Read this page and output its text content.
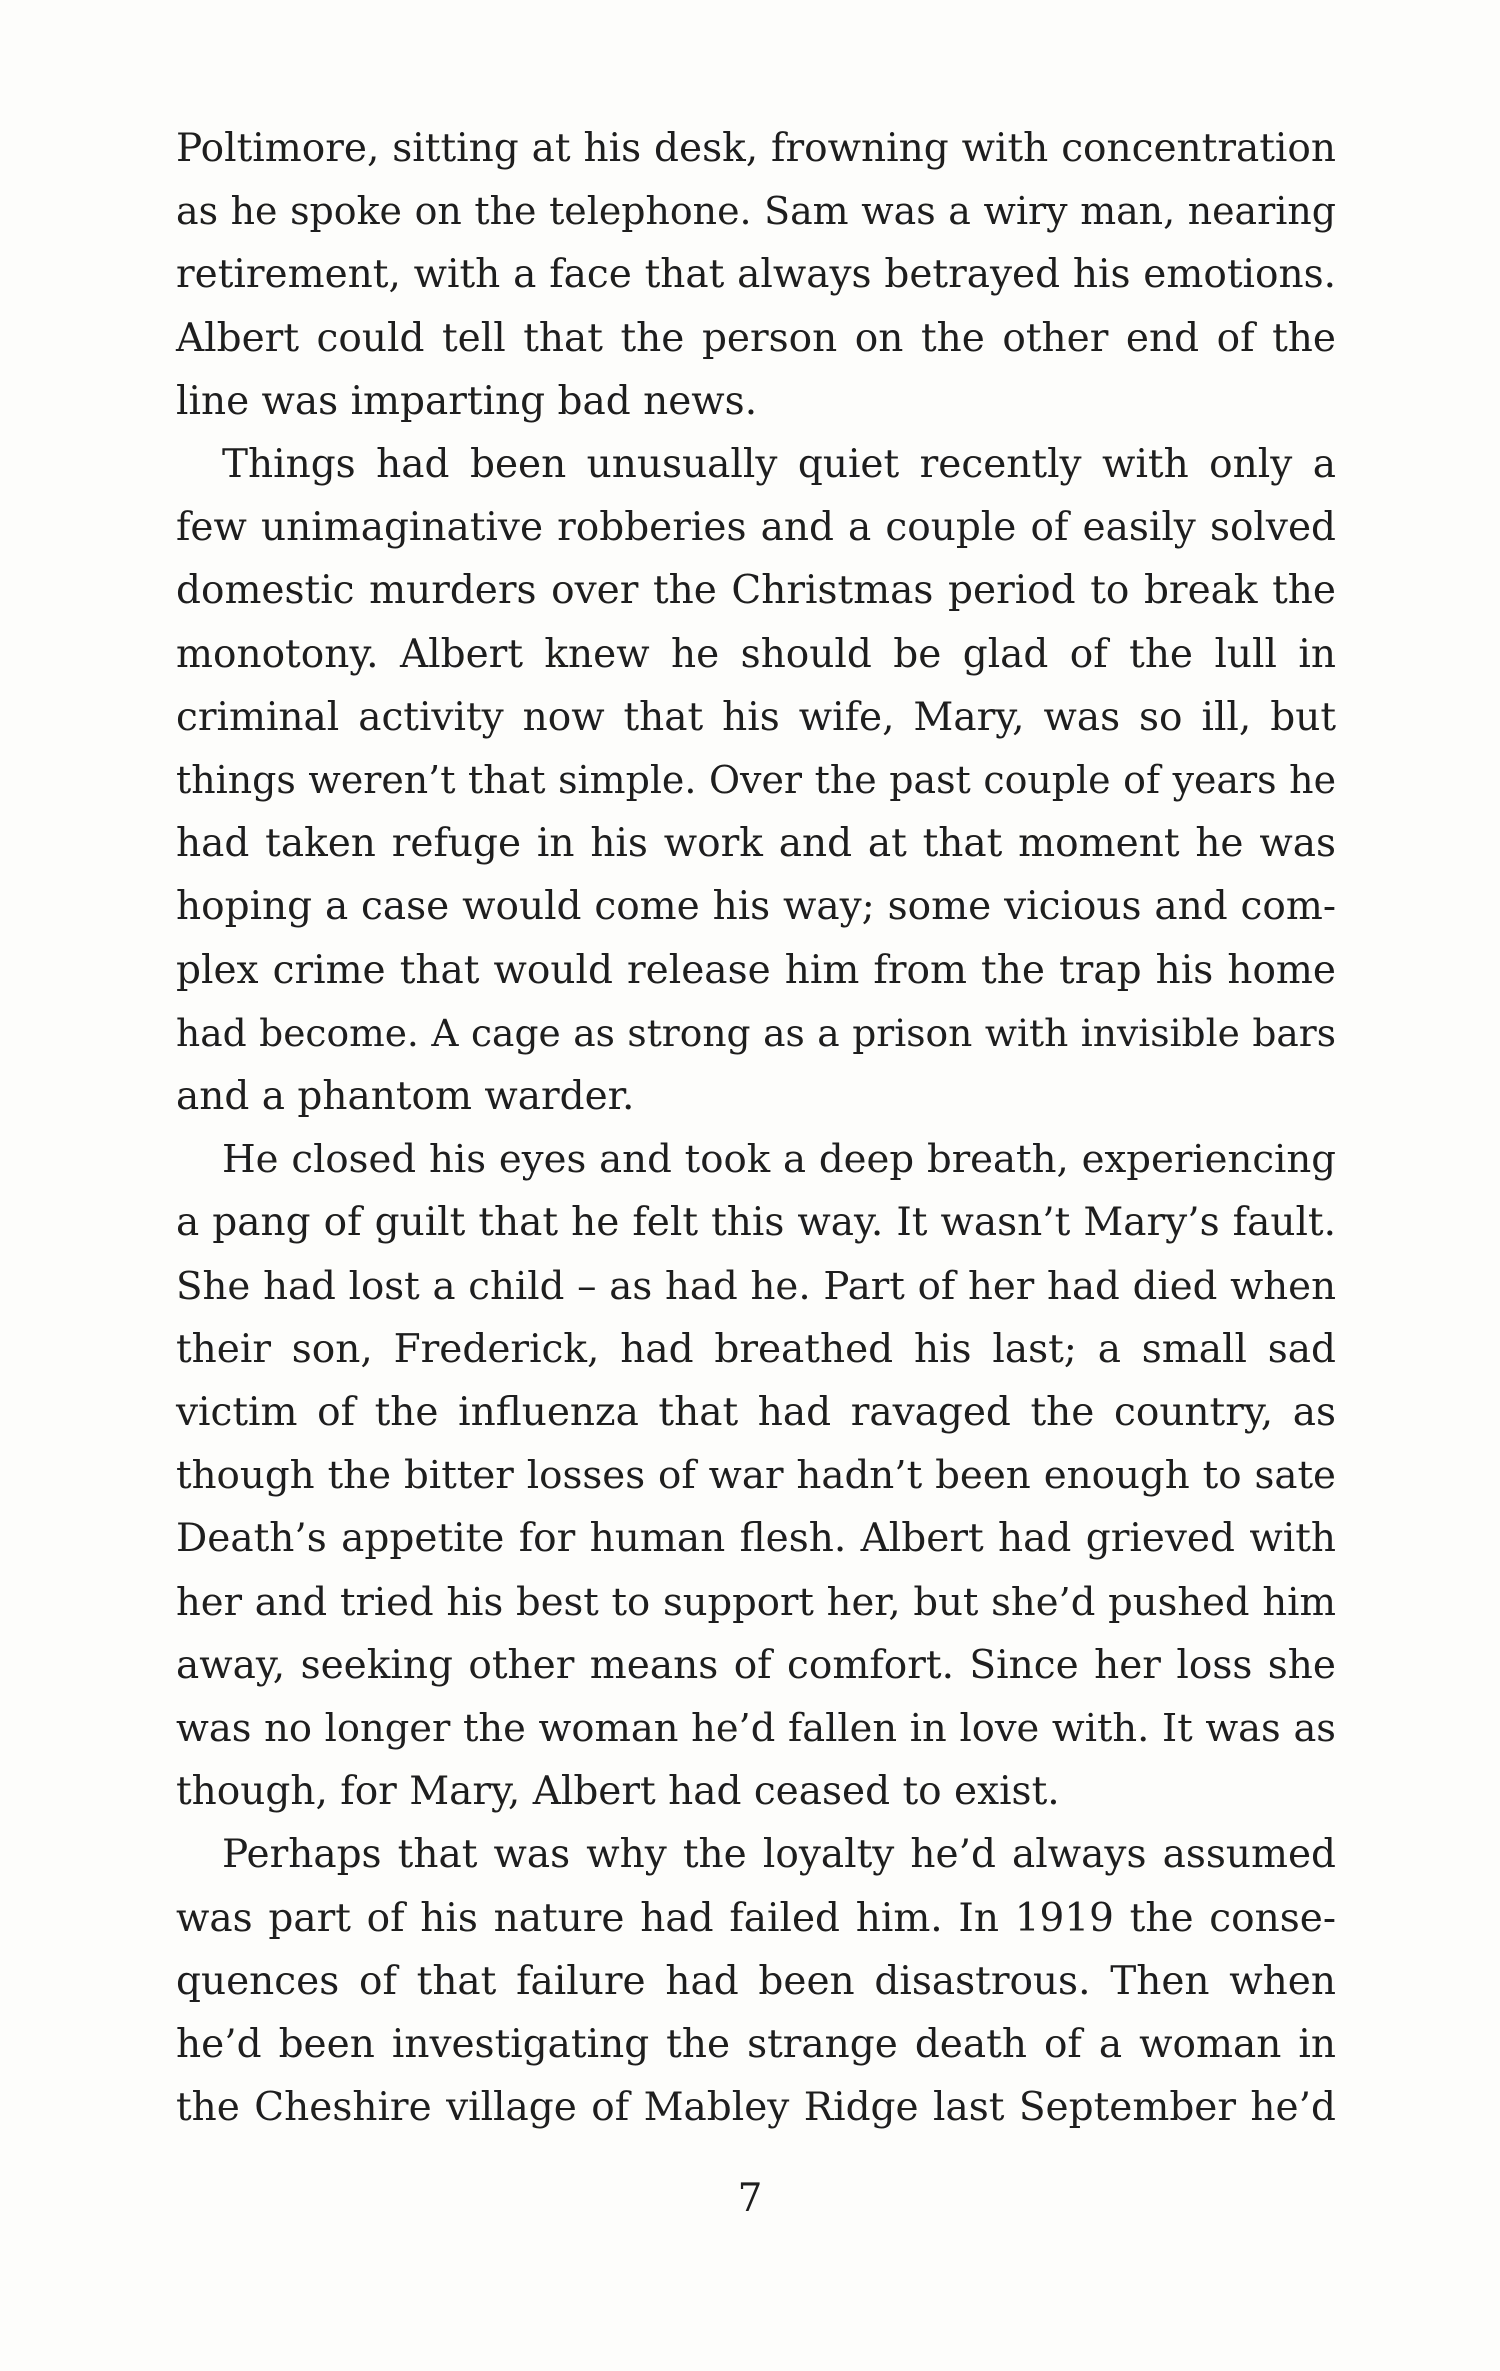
Poltimore, sitting at his desk, frowning with concentration
as he spoke on the telephone. Sam was a wiry man, nearing
retirement, with a face that always betrayed his emotions.
Albert could tell that the person on the other end of the
line was imparting bad news.
Things had been unusually quiet recently with only a
few unimaginative robberies and a couple of easily solved
domestic murders over the Christmas period to break the
monotony. Albert knew he should be glad of the lull in
criminal activity now that his wife, Mary, was so ill, but
things weren’t that simple. Over the past couple of years he
had taken refuge in his work and at that moment he was
hoping a case would come his way; some vicious and com-
plex crime that would release him from the trap his home
had become. A cage as strong as a prison with invisible bars
and a phantom warder.
He closed his eyes and took a deep breath, experiencing
a pang of guilt that he felt this way. It wasn’t Mary’s fault.
She had lost a child – as had he. Part of her had died when
their son, Frederick, had breathed his last; a small sad
victim of the influenza that had ravaged the country, as
though the bitter losses of war hadn’t been enough to sate
Death’s appetite for human flesh. Albert had grieved with
her and tried his best to support her, but she’d pushed him
away, seeking other means of comfort. Since her loss she
was no longer the woman he’d fallen in love with. It was as
though, for Mary, Albert had ceased to exist.
Perhaps that was why the loyalty he’d always assumed
was part of his nature had failed him. In 1919 the conse-
quences of that failure had been disastrous. Then when
he’d been investigating the strange death of a woman in
the Cheshire village of Mabley Ridge last September he’d
7
